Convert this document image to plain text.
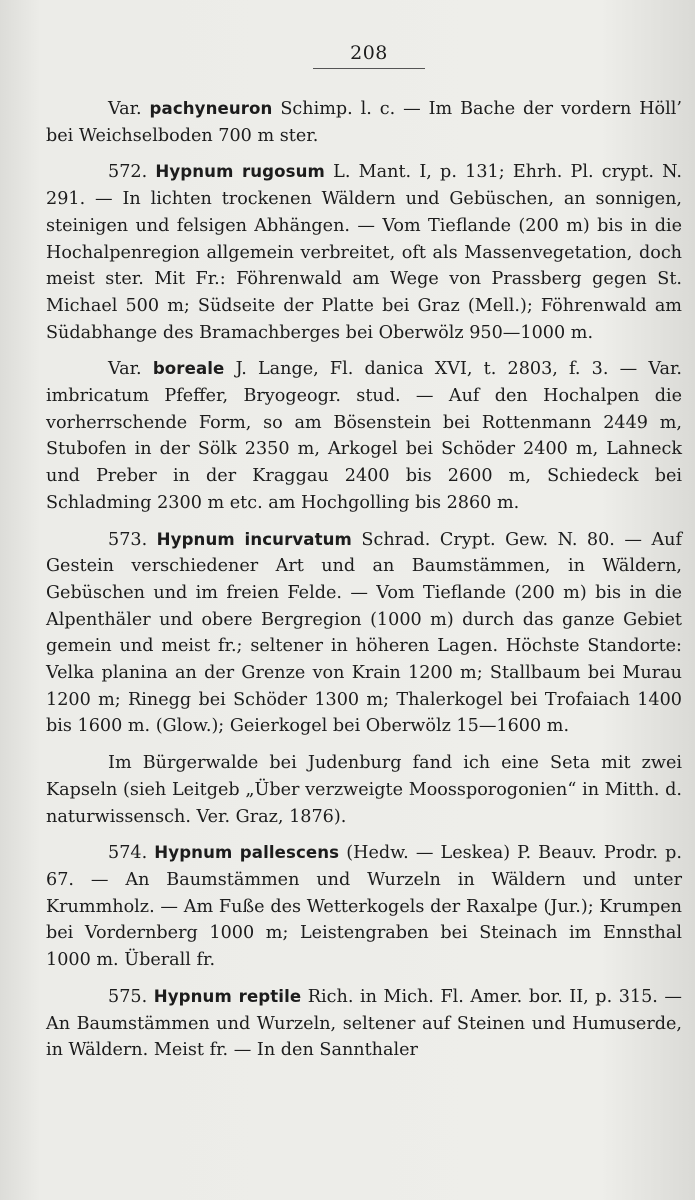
208

Var. pachyneuron Schimp. l. c. — Im Bache der vordern Höll’ bei Weichselboden 700 m ster.

572. Hypnum rugosum L. Mant. I, p. 131; Ehrh. Pl. crypt. N. 291. — In lichten trockenen Wäldern und Gebüschen, an sonnigen, steinigen und felsigen Abhängen. — Vom Tieflande (200 m) bis in die Hochalpenregion allgemein verbreitet, oft als Massenvegetation, doch meist ster. Mit Fr.: Föhrenwald am Wege von Prassberg gegen St. Michael 500 m; Südseite der Platte bei Graz (Mell.); Föhrenwald am Südabhange des Bramachberges bei Oberwölz 950—1000 m.

Var. boreale J. Lange, Fl. danica XVI, t. 2803, f. 3. — Var. imbricatum Pfeffer, Bryogeogr. stud. — Auf den Hochalpen die vorherrschende Form, so am Bösenstein bei Rottenmann 2449 m, Stubofen in der Sölk 2350 m, Arkogel bei Schöder 2400 m, Lahneck und Preber in der Kraggau 2400 bis 2600 m, Schiedeck bei Schladming 2300 m etc. am Hochgolling bis 2860 m.

573. Hypnum incurvatum Schrad. Crypt. Gew. N. 80. — Auf Gestein verschiedener Art und an Baumstämmen, in Wäldern, Gebüschen und im freien Felde. — Vom Tieflande (200 m) bis in die Alpenthäler und obere Bergregion (1000 m) durch das ganze Gebiet gemein und meist fr.; seltener in höheren Lagen. Höchste Standorte: Velka planina an der Grenze von Krain 1200 m; Stallbaum bei Murau 1200 m; Rinegg bei Schöder 1300 m; Thalerkogel bei Trofaiach 1400 bis 1600 m. (Glow.); Geierkogel bei Oberwölz 15—1600 m.

Im Bürgerwalde bei Judenburg fand ich eine Seta mit zwei Kapseln (sieh Leitgeb „Über verzweigte Moossporogonien“ in Mitth. d. naturwissensch. Ver. Graz, 1876).

574. Hypnum pallescens (Hedw. — Leskea) P. Beauv. Prodr. p. 67. — An Baumstämmen und Wurzeln in Wäldern und unter Krummholz. — Am Fuße des Wetterkogels der Raxalpe (Jur.); Krumpen bei Vordernberg 1000 m; Leistengraben bei Steinach im Ennsthal 1000 m. Überall fr.

575. Hypnum reptile Rich. in Mich. Fl. Amer. bor. II, p. 315. — An Baumstämmen und Wurzeln, seltener auf Steinen und Humuserde, in Wäldern. Meist fr. — In den Sannthaler
